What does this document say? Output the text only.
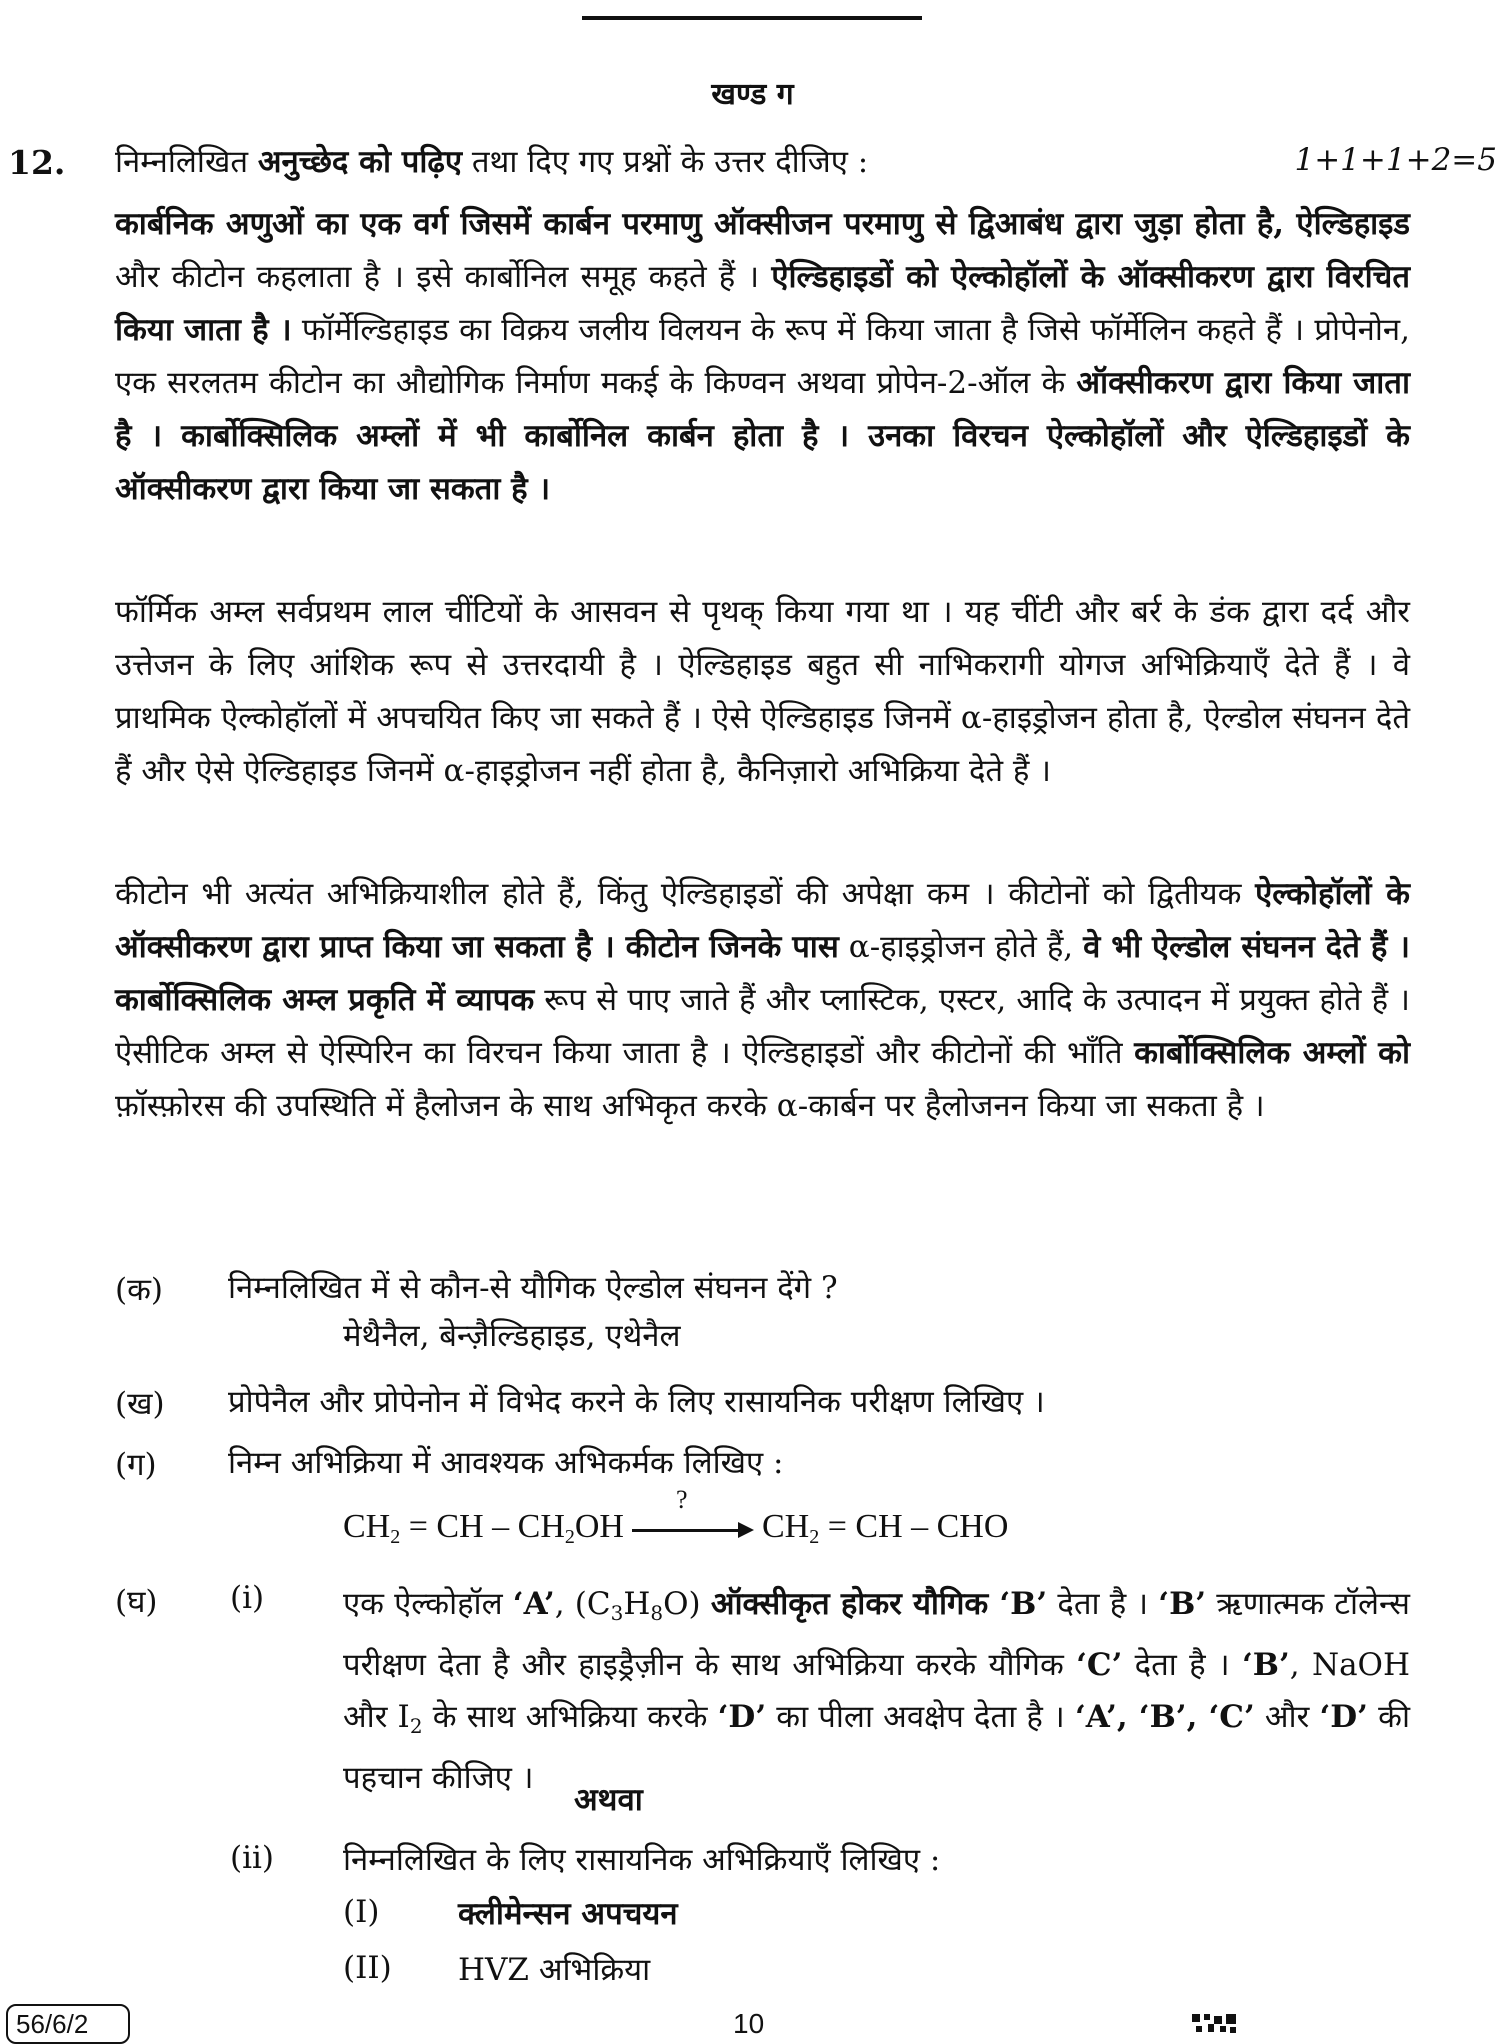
खण्ड ग
12. निम्नलिखित अनुच्छेद को पढ़िए तथा दिए गए प्रश्नों के उत्तर दीजिए :	1+1+1+2=5
कार्बनिक अणुओं का एक वर्ग जिसमें कार्बन परमाणु ऑक्सीजन परमाणु से द्विआबंध द्वारा जुड़ा होता है, ऐल्डिहाइड और कीटोन कहलाता है । इसे कार्बोनिल समूह कहते हैं । ऐल्डिहाइडों को ऐल्कोहॉलों के ऑक्सीकरण द्वारा विरचित किया जाता है । फॉर्मेल्डिहाइड का विक्रय जलीय विलयन के रूप में किया जाता है जिसे फॉर्मेलिन कहते हैं । प्रोपेनोन, एक सरलतम कीटोन का औद्योगिक निर्माण मकई के किण्वन अथवा प्रोपेन-2-ऑल के ऑक्सीकरण द्वारा किया जाता है । कार्बोक्सिलिक अम्लों में भी कार्बोनिल कार्बन होता है । उनका विरचन ऐल्कोहॉलों और ऐल्डिहाइडों के ऑक्सीकरण द्वारा किया जा सकता है ।
फॉर्मिक अम्ल सर्वप्रथम लाल चींटियों के आसवन से पृथक् किया गया था । यह चींटी और बर्र के डंक द्वारा दर्द और उत्तेजन के लिए आंशिक रूप से उत्तरदायी है । ऐल्डिहाइड बहुत सी नाभिकरागी योगज अभिक्रियाएँ देते हैं । वे प्राथमिक ऐल्कोहॉलों में अपचयित किए जा सकते हैं । ऐसे ऐल्डिहाइड जिनमें α-हाइड्रोजन होता है, ऐल्डोल संघनन देते हैं और ऐसे ऐल्डिहाइड जिनमें α-हाइड्रोजन नहीं होता है, कैनिज़ारो अभिक्रिया देते हैं ।
कीटोन भी अत्यंत अभिक्रियाशील होते हैं, किंतु ऐल्डिहाइडों की अपेक्षा कम । कीटोनों को द्वितीयक ऐल्कोहॉलों के ऑक्सीकरण द्वारा प्राप्त किया जा सकता है । कीटोन जिनके पास α-हाइड्रोजन होते हैं, वे भी ऐल्डोल संघनन देते हैं । कार्बोक्सिलिक अम्ल प्रकृति में व्यापक रूप से पाए जाते हैं और प्लास्टिक, एस्टर, आदि के उत्पादन में प्रयुक्त होते हैं । ऐसीटिक अम्ल से ऐस्पिरिन का विरचन किया जाता है । ऐल्डिहाइडों और कीटोनों की भाँति कार्बोक्सिलिक अम्लों को फ़ॉस्फ़ोरस की उपस्थिति में हैलोजन के साथ अभिकृत करके α-कार्बन पर हैलोजनन किया जा सकता है ।
(क) निम्नलिखित में से कौन-से यौगिक ऐल्डोल संघनन देंगे ?
मेथैनैल, बेन्ज़ैल्डिहाइड, एथेनैल
(ख) प्रोपेनैल और प्रोपेनोन में विभेद करने के लिए रासायनिक परीक्षण लिखिए ।
(ग) निम्न अभिक्रिया में आवश्यक अभिकर्मक लिखिए :
$CH_2$ = CH – $CH_2OH$
?
$CH_2$ = CH – CHO
(घ) (i)	एक ऐल्कोहॉल ‘A’, $(C_3H_8O)$ ऑक्सीकृत होकर यौगिक ‘B’ देता है । ‘B’ ऋणात्मक टॉलेन्स परीक्षण देता है और हाइड्रैज़ीन के साथ अभिक्रिया करके यौगिक ‘C’ देता है । ‘B’, NaOH और $I_2$ के साथ अभिक्रिया करके ‘D’ का पीला अवक्षेप देता है । ‘A’, ‘B’, ‘C’ और ‘D’ की पहचान कीजिए ।
अथवा
(ii) निम्नलिखित के लिए रासायनिक अभिक्रियाएँ लिखिए :
(I)	क्लीमेन्सन अपचयन
(II) HVZ अभिक्रिया
56/6/2	10
